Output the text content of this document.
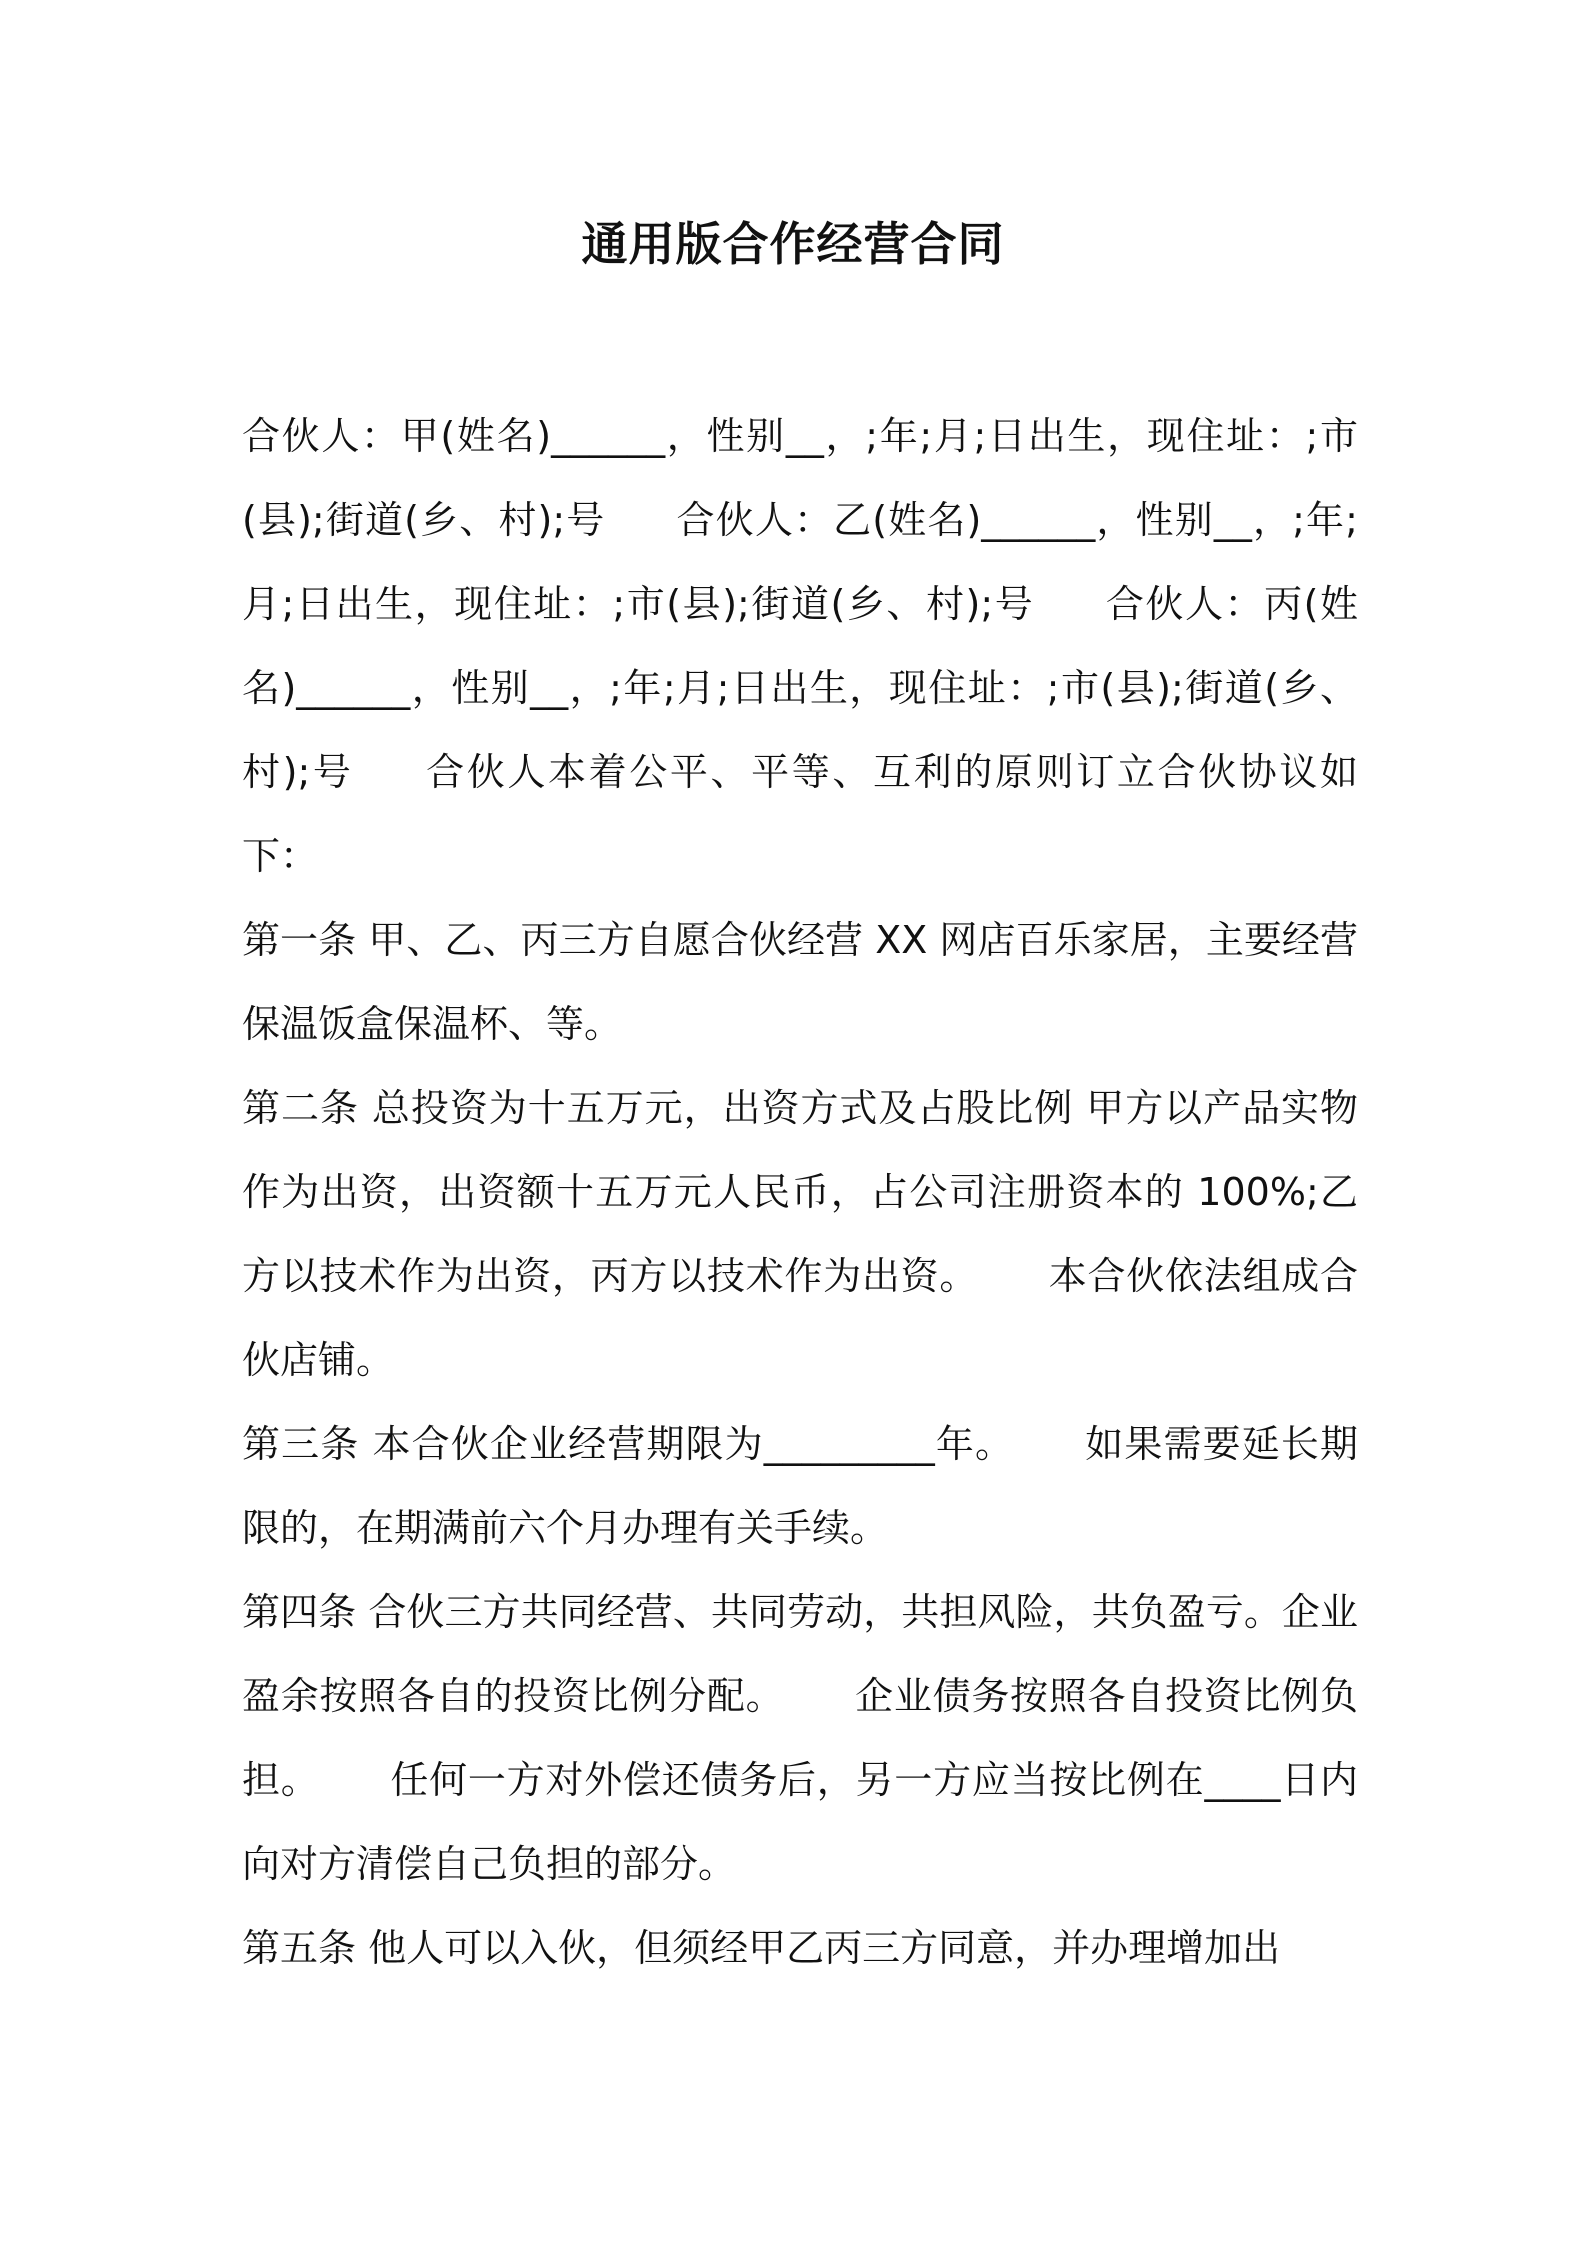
通用版合作经营合同

合伙人：甲(姓名)______，性别__，;年;月;日出生，现住址：;市(县);街道(乡、村);号 合伙人：乙(姓名)______，性别__，;年;月;日出生，现住址：;市(县);街道(乡、村);号 合伙人：丙(姓名)______，性别__，;年;月;日出生，现住址：;市(县);街道(乡、村);号 合伙人本着公平、平等、互利的原则订立合伙协议如下：

第一条 甲、乙、丙三方自愿合伙经营 XX 网店百乐家居，主要经营保温饭盒保温杯、等。

第二条 总投资为十五万元，出资方式及占股比例 甲方以产品实物作为出资，出资额十五万元人民币，占公司注册资本的 100%;乙方以技术作为出资，丙方以技术作为出资。 本合伙依法组成合伙店铺。

第三条 本合伙企业经营期限为_________年。 如果需要延长期限的，在期满前六个月办理有关手续。

第四条 合伙三方共同经营、共同劳动，共担风险，共负盈亏。企业盈余按照各自的投资比例分配。 企业债务按照各自投资比例负担。 任何一方对外偿还债务后，另一方应当按比例在____日内向对方清偿自己负担的部分。

第五条 他人可以入伙，但须经甲乙丙三方同意，并办理增加出
